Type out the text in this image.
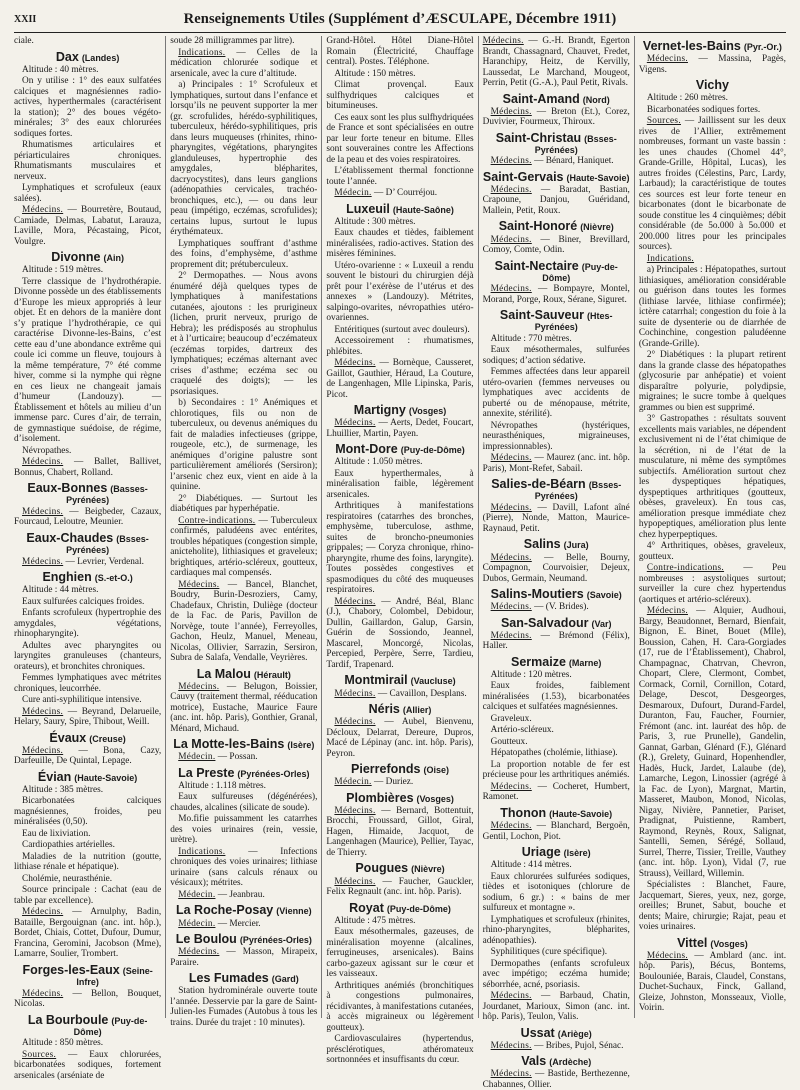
XXII	Renseignements Utiles (Supplément d’ÆSCULAPE, Décembre 1911)

ciale.

Dax (Landes)

Altitude : 40 mètres.

On y utilise : 1° des eaux sulfatées calciques et magnésiennes radio-actives, hyperthermales (caractérisent la station); 2° des boues végéto-minérales; 3° des eaux chlorurées sodiques fortes.

Rhumatismes articulaires et périarticulaires chroniques. Rhumatismants musculaires et nerveux.

Lymphatiques et scrofuleux (eaux salées).

Médecins. — Bourretère, Boutaud, Camiade, Delmas, Labatut, Larauza, Laville, Mora, Pécastaing, Picot, Voulgre.

Divonne (Ain)

Altitude : 519 mètres.

Terre classique de l’hydrothérapie. Divonne possède un des établissements d’Europe les mieux appropriés à leur objet. Et en dehors de la manière dont s’y pratique l’hydrothérapie, ce qui caractérise Divonne-les-Bains, c’est cette eau d’une abondance extrême qui coule ici comme un fleuve, toujours à la même température, 7° été comme hiver, comme si la nymphe qui règne en ces lieux ne changeait jamais d’humeur (Landouzy). — Établissement et hôtels au milieu d’un immense parc. Cures d’air, de terrain, de gymnastique suédoise, de régime, d’isolement.

Névropathes.

Médecins. — Ballet, Ballivet, Bonnus, Chabert, Rolland.

Eaux-Bonnes (Basses-Pyrénées)

Médecins. — Beigbeder, Cazaux, Fourcaud, Leloutre, Meunier.

Eaux-Chaudes (Bsses-Pyrénées)

Médecins. — Levrier, Verdenal.

Enghien (S.-et-O.)

Altitude : 44 mètres.

Eaux sulfurées calciques froides.

Enfants scrofuleux (hypertrophie des amygdales, végétations, rhinopharyngite).

Adultes avec pharyngites ou laryngites granuleuses (chanteurs, orateurs), et bronchites chroniques.

Femmes lymphatiques avec métrites chroniques, leucorrhée.

Cure anti-syphilitique intensive.

Médecins. — Beyrand, Delarueile, Helary, Saury, Spire, Thibout, Weill.

Évaux (Creuse)

Médecins. — Bona, Cazy, Darfeuille, De Quintal, Lepage.

Évian (Haute-Savoie)

Altitude : 385 mètres.

Bicarbonatées calciques magnésiennes, froides, peu minéralisées (0,50).

Eau de lixiviation.

Cardiopathies artérielles.

Maladies de la nutrition (goutte, lithiase rénale et hépatique).

Cholémie, neurasthénie.

Source principale : Cachat (eau de table par excellence).

Médecins. — Arnulphy, Badin, Bataille, Bergouignan (anc. int. hôp.), Bordet, Chiais, Cottet, Dufour, Dumur, Francina, Geromini, Jacobson (Mme), Lamarre, Soulier, Trombert.

Forges-les-Eaux (Seine-Infre)

Médecins. — Bellon, Bouquet, Nicolas.

La Bourboule (Puy-de-Dôme)

Altitude : 850 mètres.

Sources. — Eaux chlorurées, bicarbonatées sodiques, fortement arsenicales (arséniate de

soude 28 milligrammes par litre).

Indications. — Celles de la médication chlorurée sodique et arsenicale, avec la cure d’altitude.

a) Principales : 1° Scrofuleux et lymphatiques, surtout dans l’enfance et lorsqu’ils ne peuvent supporter la mer (gr. scrofulides, hérédo-syphilitiques, tuberculeux, hérédo-syphilitiques, pris dans leurs muqueuses (rhinites, rhino-pharyngites, végétations, pharyngites glanduleuses, hypertrophie des amygdales, blépharites, dacryocystites), dans leurs ganglions (adénopathies cervicales, trachéo-bronchiques, etc.), — ou dans leur peau (impétigo, eczémas, scrofulides); certains lupus, surtout le lupus érythémateux.

Lymphatiques souffrant d’asthme des foins, d’emphysème, d’asthme proprement dit; prétuberculeux.

2° Dermopathes. — Nous avons énuméré déjà quelques types de lymphatiques à manifestations cutanées, ajoutons : les prurigineux (lichen, prurit nerveux, prurigo de Hebra); les prédisposés au strophulus et à l’urticaire; beaucoup d’eczémateux (eczémas torpides, dartreux des lymphatiques; eczémas alternant avec crises d’asthme; eczéma sec ou craquelé des doigts); — les psoriasiques.

b) Secondaires : 1° Anémiques et chlorotiques, fils ou non de tuberculeux, ou devenus anémiques du fait de maladies infectieuses (grippe, rougeole, etc.), de surmenage, les anémiques d’origine palustre sont particulièrement améliorés (Sersiron); l’arsenic chez eux, vient en aide à la quinine.

2° Diabétiques. — Surtout les diabétiques par hyperhépatie.

Contre-indications. — Tuberculeux confirmés, paludéens avec entérites, troubles hépatiques (congestion simple, anicteholite), lithiasiques et graveleux; brightiques, artério-scléreux, goutteux, cardiaques mal compensés.

Médecins. — Bancel, Blanchet, Boudry, Burin-Desroziers, Camy, Chadefaux, Christin, Duliège (docteur de la Fac. de Paris, Pavillon de Norvège, toute l’année), Ferreyolles, Gachon, Heulz, Manuel, Meneau, Nicolas, Ollivier, Sarrazin, Sersiron, Subra de Salafa, Vendalle, Veyrières.

La Malou (Hérault)

Médecins. — Belugon, Boissier, Cauvy (traitement thermal, rééducation motrice), Eustache, Maurice Faure (anc. int. hôp. Paris), Gonthier, Granal, Ménard, Michaud.

La Motte-les-Bains (Isère)

Médecin. — Possan.

La Preste (Pyrénées-Orles)

Altitude : 1.118 mètres.

Eaux sulfureuses (dégénérées), chaudes, alcalines (silicate de soude).

Mo.fifie puissamment les catarrhes des voies urinaires (rein, vessie, urètre).

Indications. — Infections chroniques des voies urinaires; lithiase urinaire (sans calculs rénaux ou vésicaux); métrites.

Médecin. — Jeanbrau.

La Roche-Posay (Vienne)

Médecin. — Mercier.

Le Boulou (Pyrénées-Orles)

Médecins. — Masson, Mirapeix, Paraire.

Les Fumades (Gard)

Station hydrominérale ouverte toute l’année. Desservie par la gare de Saint-Julien-les Fumades (Autobus à tous les trains. Durée du trajet : 10 minutes).

Grand-Hôtel. Hôtel Diane-Hôtel Romain (Électricité, Chauffage central). Postes. Téléphone.

Altitude : 150 mètres.

Climat provençal. Eaux sulfhydriques calciques et bitumineuses.

Ces eaux sont les plus sulfhydriquées de France et sont spécialisées en outre par leur forte teneur en bitume. Elles sont souveraines contre les Affections de la peau et des voies respiratoires.

L’établissement thermal fonctionne toute l’année.

Médecin. — D’ Courréjou.

Luxeuil (Haute-Saône)

Altitude : 300 mètres.

Eaux chaudes et tièdes, faiblement minéralisées, radio-actives. Station des misères féminines.

Utéro-ovarienne : « Luxeuil a rendu souvent le bistouri du chirurgien déjà prêt pour l’exérèse de l’utérus et des annexes » (Landouzy). Métrites, salpingo-ovarites, névropathies utéro-ovariennes.

Entéritiques (surtout avec douleurs).

Accessoirement : rhumatismes, phlébites.

Médecins. — Bornèque, Causseret, Gaillot, Gauthier, Héraud, La Couture, de Langenhagen, Mlle Lipinska, Paris, Picot.

Martigny (Vosges)

Médecins. — Aerts, Dedet, Foucart, Lhuillier, Martin, Payen.

Mont-Dore (Puy-de-Dôme)

Altitude : 1.050 mètres.

Eaux hyperthermales, à minéralisation faible, légèrement arsenicales.

Arthritiques à manifestations respiratoires (catarrhes des bronches, emphysème, tuberculose, asthme, suites de broncho-pneumonies grippales; — Coryza chronique, rhino-pharyngite, rhume des foins, laryngite). Toutes possèdes congestives et spasmodiques du côté des muqueuses respiratoires.

Médecins. — André, Béal, Blanc (J.), Chabory, Colombel, Debidour, Dullin, Gaillardon, Galup, Garsin, Guérin de Sossiondo, Jeannel, Mascarel, Moncorgé, Nicolas, Percepied, Perpère, Serre, Tardieu, Tardif, Trapenard.

Montmirail (Vaucluse)

Médecins. — Cavaillon, Desplans.

Néris (Allier)

Médecins. — Aubel, Bienvenu, Décloux, Delarrat, Dereure, Dupros, Macé de Lépinay (anc. int. hôp. Paris), Peyron.

Pierrefonds (Oise)

Médecin. — Duriez.

Plombières (Vosges)

Médecins. — Bernard, Bottentuit, Brocchi, Froussard, Gillot, Giral, Hagen, Himaide, Jacquot, de Langenhagen (Maurice), Pellier, Tayac, de Thierry.

Pougues (Nièvre)

Médecins. — Faucher, Gauckler, Felix Regnault (anc. int. hôp. Paris).

Royat (Puy-de-Dôme)

Altitude : 475 mètres.

Eaux mésothermales, gazeuses, de minéralisation moyenne (alcalines, ferrugineuses, arsenicales). Bains carbo-gazeux agissant sur le cœur et les vaisseaux.

Arthritiques anémiés (bronchitiques à congestions pulmonaires, récidivantes, à manifestations cutanées, à accès migraineux ou légèrement goutteux).

Cardiovasculaires (hypertendus, présclérotiques, athéromateux sortnonnées et insuffisants du cœur.

Médecins. — G.-H. Brandt, Egerton Brandt, Chassagnard, Chauvet, Fredet, Haranchipy, Heitz, de Kervilly, Laussedat, Le Marchand, Mougeot, Perrin, Petit (G.-A.), Paul Petit, Rivals.

Saint-Amand (Nord)

Médecins. — Breton (Et.), Corez, Duvivier, Fourmeux, Thiroux.

Saint-Christau (Bsses-Pyrénées)

Médecins. — Bénard, Haniquet.

Saint-Gervais (Haute-Savoie)

Médecins. — Baradat, Bastian, Crapoune, Danjou, Guéridand, Mallein, Petit, Roux.

Saint-Honoré (Nièvre)

Médecins. — Biner, Brevillard, Comoy, Comte, Odin.

Saint-Nectaire (Puy-de-Dôme)

Médecins. — Bompayre, Montel, Morand, Porge, Roux, Sérane, Siguret.

Saint-Sauveur (Htes-Pyrénées)

Altitude : 770 mètres.

Eaux mésothermales, sulfurées sodiques; d’action sédative.

Femmes affectées dans leur appareil utéro-ovarien (femmes nerveuses ou lymphatiques avec accidents de puberté ou de ménopause, métrite, annexite, stérilité).

Névropathes (hystériques, neurasthéniques, migraineuses, impressionnables).

Médecins. — Maurez (anc. int. hôp. Paris), Mont-Refet, Sabail.

Salies-de-Béarn (Bsses-Pyrénées)

Médecins. — Davill, Lafont aîné (Pierre), Nonde, Matton, Maurice-Raynaud, Petit.

Salins (Jura)

Médecins. — Belle, Bourny, Compagnon, Courvoisier, Dejeux, Dubos, Germain, Neumand.

Salins-Moutiers (Savoie)

Médecins. — (V. Brides).

San-Salvadour (Var)

Médecins. — Brémond (Félix), Haller.

Sermaize (Marne)

Altitude : 120 mètres.

Eaux froides, faiblement minéralisées (1.53), bicarbonatées calciques et sulfatées magnésiennes.

Graveleux.

Artério-scléreux.

Goutteux.

Hépatopathes (cholémie, lithiase).

La proportion notable de fer est précieuse pour les arthritiques anémiés.

Médecins. — Cocheret, Humbert, Ramonet.

Thonon (Haute-Savoie)

Médecins. — Blanchard, Bergoën, Gentil, Lochon, Piot.

Uriage (Isère)

Altitude : 414 mètres.

Eaux chlorurées sulfurées sodiques, tièdes et isotoniques (chlorure de sodium, 6 gr.) : « bains de mer sulfureux et montagne ».

Lymphatiques et scrofuleux (rhinites, rhino-pharyngites, blépharites, adénopathies).

Syphilitiques (cure spécifique).

Dermopathes (enfants scrofuleux avec impétigo; eczéma humide; séborrhée, acné, psoriasis.

Médecins. — Barbaud, Chatin, Jourdanet, Marioux, Simon (anc. int. hôp. Paris), Teulon, Valis.

Ussat (Ariège)

Médecins. — Bribes, Pujol, Sénac.

Vals (Ardèche)

Médecins. — Bastide, Berthezenne, Chabannes, Ollier.

Vernet-les-Bains (Pyr.-Or.)

Médecins. — Massina, Pagès, Vigens.

Vichy

Altitude : 260 mètres.

Bicarbonatées sodiques fortes.

Sources. — Jaillissent sur les deux rives de l’Allier, extrêmement nombreuses, formant un vaste bassin : les unes chaudes (Chomel 44°, Grande-Grille, Hôpital, Lucas), les autres froides (Célestins, Parc, Lardy, Larbaud); la caractéristique de toutes ces sources est leur forte teneur en bicarbonates (dont le bicarbonate de soude constitue les 4 cinquièmes; débit considérable (de 5o.000 à 5o.000 et 200.000 litres pour les principales sources).

Indications.

a) Principales : Hépatopathes, surtout lithiasiques, amélioration considérable ou guérison dans toutes les formes (lithiase larvée, lithiase confirmée); ictère catarrhal; congestion du foie à la suite de dysenterie ou de diarrhée de Cochinchine, congestion paludéenne (Grande-Grille).

2° Diabétiques : la plupart retirent dans la grande classe des hépatopathes (glycosurie par anhépatie) et voient disparaître polyurie, polydipsie, migraines; le sucre tombe à quelques grammes ou bien est supprimé.

3° Gastropathes : résultats souvent excellents mais variables, ne dépendent exclusivement ni de l’état chimique de la sécrétion, ni de l’état de la musculature, ni même des symptômes subjectifs. Amélioration surtout chez les dyspeptiques hépatiques, dyspeptiques arthritiques (goutteux, obèses, graveleux). En tous cas, amélioration presque immédiate chez hypopeptiques, amélioration plus lente chez hyperpeptiques.

4° Arthritiques, obèses, graveleux, goutteux.

Contre-indications. — Peu nombreuses : asystoliques surtout; surveiller la cure chez hypertendus (aortiques et artério-scléreux).

Médecins. — Alquier, Audhoui, Bargy, Beaudonnet, Bernard, Bienfait, Bignon, E. Binet, Bouet (Mlle), Boussion, Cahen, H. Cara-Gorgiades (17, rue de l’Établissement), Chabrol, Champagnac, Chatrvan, Chevron, Chopart, Clere, Clermont, Combet, Cormack, Cornil, Cornillon, Cotard, Delage, Descot, Desgeorges, Desmaroux, Dufourt, Durand-Fardel, Duranton, Fau, Faucher, Fournier, Frémont (anc. int. lauréat des hôp. de Paris, 3, rue Prunelle), Gandelin, Gannat, Garban, Glénard (F.), Glénard (R.), Grelety, Guinard, Hopenhendler, Hadès, Huck, Jardet, Lalaube (de), Lamarche, Legon, Linossier (agrégé à la Fac. de Lyon), Margnat, Martin, Masseret, Maubon, Monod, Nicolas, Nigay, Nivière, Pannetier, Pariset, Pradignat, Puistienne, Rambert, Raymond, Reynès, Roux, Salignat, Santelli, Semen, Sérégé, Sollaud, Surrel, Therre, Tissier, Treille, Vauthey (anc. int. hôp. Lyon), Vidal (7, rue Strauss), Veillard, Willemin.

Spécialistes : Blanchet, Faure, Jacquemart, Sieres, yeux, nez, gorge, oreilles; Brunet, Sabut, bouche et dents; Maire, chirurgie; Rajat, peau et voies urinaires.

Vittel (Vosges)

Médecins. — Amblard (anc. int. hôp. Paris), Bécus, Bontems, Boulouniée, Barais, Claudel, Constans, Duchet-Suchaux, Finck, Galland, Gleize, Johnston, Monsseaux, Violle, Voirin.
